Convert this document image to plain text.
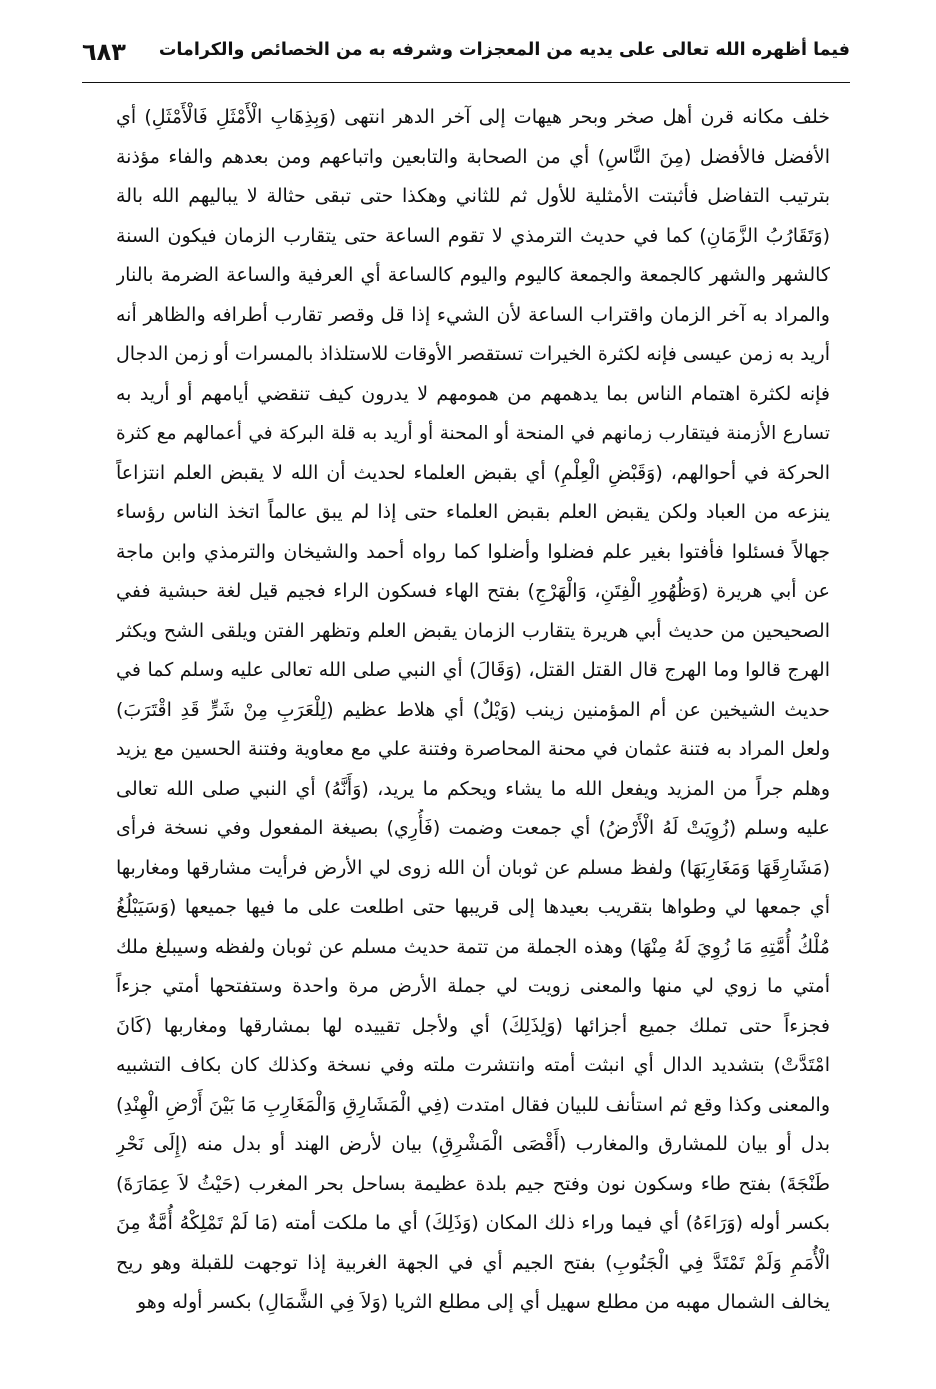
فيما أظهره الله تعالى على يديه من المعجزات وشرفه به من الخصائص والكرامات
٦٨٣
خلف مكانه قرن أهل صخر وبحر هيهات إلى آخر الدهر انتهى (وَبِذِهَابِ الْأَمْثَلِ فَالْأَمْثَلِ) أي
الأفضل فالأفضل (مِنَ النَّاسِ) أي من الصحابة والتابعين واتباعهم ومن بعدهم والفاء مؤذنة
بترتيب التفاضل فأثبتت الأمثلية للأول ثم للثاني وهكذا حتى تبقى حثالة لا يباليهم الله بالة
(وَتَقَارُبُ الزَّمَانِ) كما في حديث الترمذي لا تقوم الساعة حتى يتقارب الزمان فيكون السنة
كالشهر والشهر كالجمعة والجمعة كاليوم واليوم كالساعة أي العرفية والساعة الضرمة بالنار
والمراد به آخر الزمان واقتراب الساعة لأن الشيء إذا قل وقصر تقارب أطرافه والظاهر أنه
أريد به زمن عيسى فإنه لكثرة الخيرات تستقصر الأوقات للاستلذاذ بالمسرات أو زمن الدجال
فإنه لكثرة اهتمام الناس بما يدهمهم من همومهم لا يدرون كيف تنقضي أيامهم أو أريد به
تسارع الأزمنة فيتقارب زمانهم في المنحة أو المحنة أو أريد به قلة البركة في أعمالهم مع كثرة
الحركة في أحوالهم، (وَقَبْضِ الْعِلْمِ) أي بقبض العلماء لحديث أن الله لا يقبض العلم انتزاعاً
ينزعه من العباد ولكن يقبض العلم بقبض العلماء حتى إذا لم يبق عالماً اتخذ الناس رؤساء
جهالاً فسئلوا فأفتوا بغير علم فضلوا وأضلوا كما رواه أحمد والشيخان والترمذي وابن ماجة
عن أبي هريرة (وَظُهُورِ الْفِتَنِ، وَالْهَرْجِ) بفتح الهاء فسكون الراء فجيم قيل لغة حبشية ففي
الصحيحين من حديث أبي هريرة يتقارب الزمان يقبض العلم وتظهر الفتن ويلقى الشح ويكثر
الهرج قالوا وما الهرج قال القتل القتل، (وَقَالَ) أي النبي صلى الله تعالى عليه وسلم كما في
حديث الشيخين عن أم المؤمنين زينب (وَيْلٌ) أي هلاط عظيم (لِلْعَرَبِ مِنْ شَرٍّ قَدِ اقْتَرَبَ)
ولعل المراد به فتنة عثمان في محنة المحاصرة وفتنة علي مع معاوية وفتنة الحسين مع يزيد
وهلم جراً من المزيد ويفعل الله ما يشاء ويحكم ما يريد، (وَأَنَّهُ) أي النبي صلى الله تعالى
عليه وسلم (زُوِيَتْ لَهُ الْأَرْضُ) أي جمعت وضمت (فَأُرِي) بصيغة المفعول وفي نسخة فرأى
(مَشَارِقَهَا وَمَغَارِبَهَا) ولفظ مسلم عن ثوبان أن الله زوى لي الأرض فرأيت مشارقها ومغاربها
أي جمعها لي وطواها بتقريب بعيدها إلى قريبها حتى اطلعت على ما فيها جميعها (وَسَيَبْلُغُ
مُلْكُ أُمَّتِهِ مَا زُوِيَ لَهُ مِنْهَا) وهذه الجملة من تتمة حديث مسلم عن ثوبان ولفظه وسيبلغ ملك
أمتي ما زوي لي منها والمعنى زويت لي جملة الأرض مرة واحدة وستفتحها أمتي جزءاً
فجزءاً حتى تملك جميع أجزائها (وَلِذَلِكَ) أي ولأجل تقييده لها بمشارقها ومغاربها (كَانَ
امْتَدَّتْ) بتشديد الدال أي انبثت أمته وانتشرت ملته وفي نسخة وكذلك كان بكاف التشبيه
والمعنى وكذا وقع ثم استأنف للبيان فقال امتدت (فِي الْمَشَارِقِ وَالْمَغَارِبِ مَا بَيْنَ أَرْضِ الْهِنْدِ)
بدل أو بيان للمشارق والمغارب (أَقْصَى الْمَشْرِقِ) بيان لأرض الهند أو بدل منه (إِلَى نَحْرِ
طَنْجَةَ) بفتح طاء وسكون نون وفتح جيم بلدة عظيمة بساحل بحر المغرب (حَيْثُ لاَ عِمَارَةَ)
بكسر أوله (وَرَاءَهُ) أي فيما وراء ذلك المكان (وَذَلِكَ) أي ما ملكت أمته (مَا لَمْ تَمْلِكْهُ أُمَّةٌ مِنَ
الْأُمَمِ وَلَمْ تَمْتَدَّ فِي الْجَنُوبِ) بفتح الجيم أي في الجهة الغربية إذا توجهت للقبلة وهو ريح
يخالف الشمال مهبه من مطلع سهيل أي إلى مطلع الثريا (وَلاَ فِي الشَّمَالِ) بكسر أوله وهو
